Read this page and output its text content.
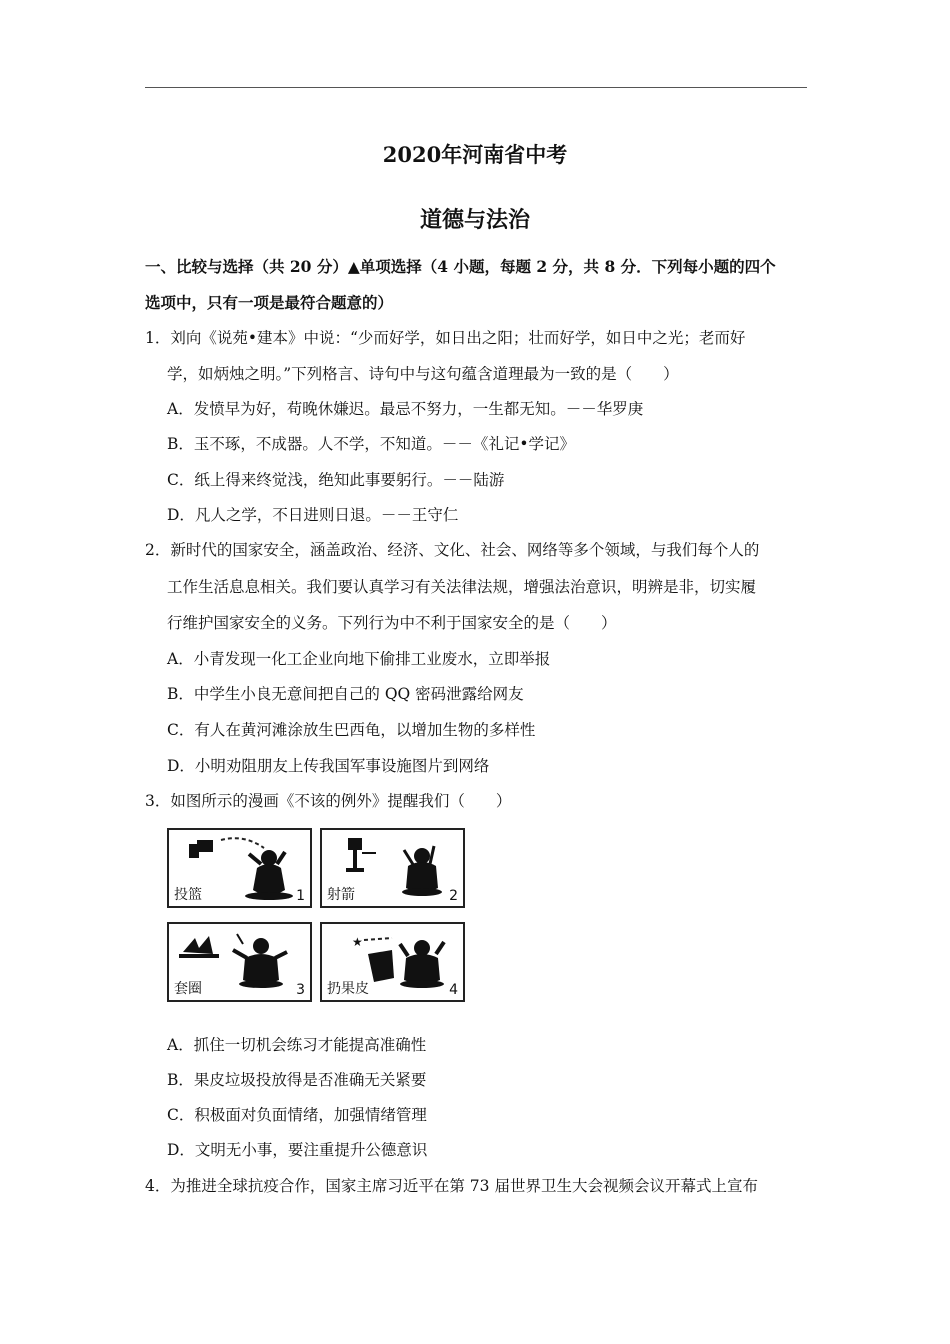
2020年河南省中考
道德与法治
一、比较与选择（共 20 分）▲单项选择（4 小题，每题 2 分，共 8 分．下列每小题的四个
选项中，只有一项是最符合题意的）
1．刘向《说苑•建本》中说：“少而好学，如日出之阳；壮而好学，如日中之光；老而好
学，如炳烛之明。”下列格言、诗句中与这句蕴含道理最为一致的是（　　）
A．发愤早为好，苟晚休嫌迟。最忌不努力，一生都无知。－－华罗庚
B．玉不琢，不成器。人不学，不知道。－－《礼记•学记》
C．纸上得来终觉浅，绝知此事要躬行。－－陆游
D．凡人之学，不日进则日退。－－王守仁
2．新时代的国家安全，涵盖政治、经济、文化、社会、网络等多个领域，与我们每个人的
工作生活息息相关。我们要认真学习有关法律法规，增强法治意识，明辨是非，切实履
行维护国家安全的义务。下列行为中不利于国家安全的是（　　）
A．小青发现一化工企业向地下偷排工业废水，立即举报
B．中学生小良无意间把自己的 QQ 密码泄露给网友
C．有人在黄河滩涂放生巴西龟，以增加生物的多样性
D．小明劝阻朋友上传我国军事设施图片到网络
3．如图所示的漫画《不该的例外》提醒我们（　　）
投篮	1 射箭	2
套圈	3
★
扔果皮	4
A．抓住一切机会练习才能提高准确性
B．果皮垃圾投放得是否准确无关紧要
C．积极面对负面情绪，加强情绪管理
D．文明无小事，要注重提升公德意识
4．为推进全球抗疫合作，国家主席习近平在第 73 届世界卫生大会视频会议开幕式上宣布
